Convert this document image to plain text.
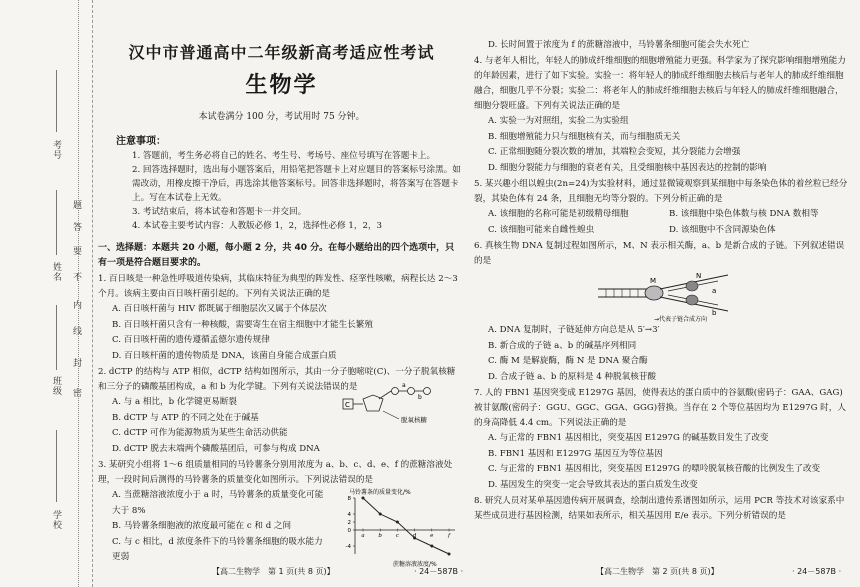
考号
姓名
班级
学校
题
答
要
不
内
线
封
密
汉中市普通高中二年级新高考适应性考试
生物学
本试卷满分 100 分，考试用时 75 分钟。
注意事项：
1. 答题前，考生务必将自己的姓名、考生号、考场号、座位号填写在答题卡上。
2. 回答选择题时，选出每小题答案后，用铅笔把答题卡上对应题目的答案标号涂黑。如需改动，用橡皮擦干净后，再选涂其他答案标号。回答非选择题时，将答案写在答题卡上。写在本试卷上无效。
3. 考试结束后，将本试卷和答题卡一并交回。
4. 本试卷主要考试内容：人教版必修 1，2，选择性必修 1，2，3
一、选择题：本题共 20 小题，每小题 2 分，共 40 分。在每小题给出的四个选项中，只有一项是符合题目要求的。
1. 百日咳是一种急性呼吸道传染病，其临床特征为典型的阵发性、痉挛性咳嗽，病程长达 2～3 个月。该病主要由百日咳杆菌引起的。下列有关说法正确的是
A. 百日咳杆菌与 HIV 都既属于细胞层次又属于个体层次
B. 百日咳杆菌只含有一种核酸，需要寄生在宿主细胞中才能生长繁殖
C. 百日咳杆菌的遗传遵循孟德尔遗传规律
D. 百日咳杆菌的遗传物质是 DNA，该菌自身能合成蛋白质
2. dCTP 的结构与 ATP 相似，dCTP 结构如图所示，其由一分子胞嘧啶(C)、一分子脱氧核糖和三分子的磷酸基团构成，a 和 b 为化学键。下列有关说法错误的是
A. 与 a 相比，b 化学键更易断裂
B. dCTP 与 ATP 的不同之处在于碱基
C. dCTP 可作为能源物质为某些生命活动供能
D. dCTP 脱去末端两个磷酸基团后，可参与构成 DNA
C
a
b
脱氧核糖
3. 某研究小组将 1～6 组质量相同的马铃薯条分别用浓度为 a、b、c、d、e、f 的蔗糖溶液处理，一段时间后测得的马铃薯条的质量变化如图所示。下列说法错误的是
A. 当蔗糖溶液浓度小于 a 时，马铃薯条的质量变化可能大于 8%
B. 马铃薯条细胞液的浓度最可能在 c 和 d 之间
C. 与 c 相比，d 浓度条件下的马铃薯条细胞的吸水能力更弱
马铃薯条的质量变化/%
蔗糖溶液浓度/%
8
4
2
0
-4
a	b	c	d	e	f
【高二生物学　第 1 页(共 8 页)】	· 24－587B ·
D. 长时间置于浓度为 f 的蔗糖溶液中，马铃薯条细胞可能会失水死亡
4. 与老年人相比，年轻人的肺成纤维细胞的细胞增殖能力更强。科学家为了探究影响细胞增殖能力的年龄因素，进行了如下实验。实验一：将年轻人的肺成纤维细胞去核后与老年人的肺成纤维细胞融合，细胞几乎不分裂；实验二：将老年人的肺成纤维细胞去核后与年轻人的肺成纤维细胞融合，细胞分裂旺盛。下列有关说法正确的是
A. 实验一为对照组，实验二为实验组
B. 细胞增殖能力只与细胞核有关，而与细胞质无关
C. 正常细胞随分裂次数的增加，其端粒会变短，其分裂能力会增强
D. 细胞分裂能力与细胞的衰老有关，且受细胞核中基因表达的控制的影响
5. 某兴趣小组以蝗虫(2n=24)为实验材料，通过显微镜观察到某细胞中每条染色体的着丝粒已经分裂，其染色体有 24 条，且细胞无均等分裂的。下列分析正确的是
A. 该细胞的名称可能是初级精母细胞	B. 该细胞中染色体数与核 DNA 数相等
C. 该细胞可能来自雌性蝗虫	D. 该细胞中不含同源染色体
6. 真核生物 DNA 复制过程如图所示，M、N 表示相关酶，a、b 是新合成的子链。下列叙述错误的是
M
N
a
b
→代表子链合成方向
A. DNA 复制时，子链延伸方向总是从 5′→3′
B. 新合成的子链 a、b 的碱基序列相同
C. 酶 M 是解旋酶，酶 N 是 DNA 聚合酶
D. 合成子链 a、b 的原料是 4 种脱氧核苷酸
7. 人的 FBN1 基因突变成 E1297G 基因，使得表达的蛋白质中的谷氨酸(密码子：GAA、GAG)被甘氨酸(密码子：GGU、GGC、GGA、GGG)替换。当存在 2 个等位基因均为 E1297G 时，人的身高降低 4.4 cm。下列说法正确的是
A. 与正常的 FBN1 基因相比，突变基因 E1297G 的碱基数目发生了改变
B. FBN1 基因和 E1297G 基因互为等位基因
C. 与正常的 FBN1 基因相比，突变基因 E1297G 的嘌呤脱氧核苷酸的比例发生了改变
D. 基因发生的突变一定会导致其表达的蛋白质发生改变
8. 研究人员对某单基因遗传病开展调查，绘制出遗传系谱图如所示，运用 PCR 等技术对该家系中某些成员进行基因检测，结果如表所示，相关基因用 E/e 表示。下列分析错误的是
【高二生物学　第 2 页(共 8 页)】	· 24－587B ·
